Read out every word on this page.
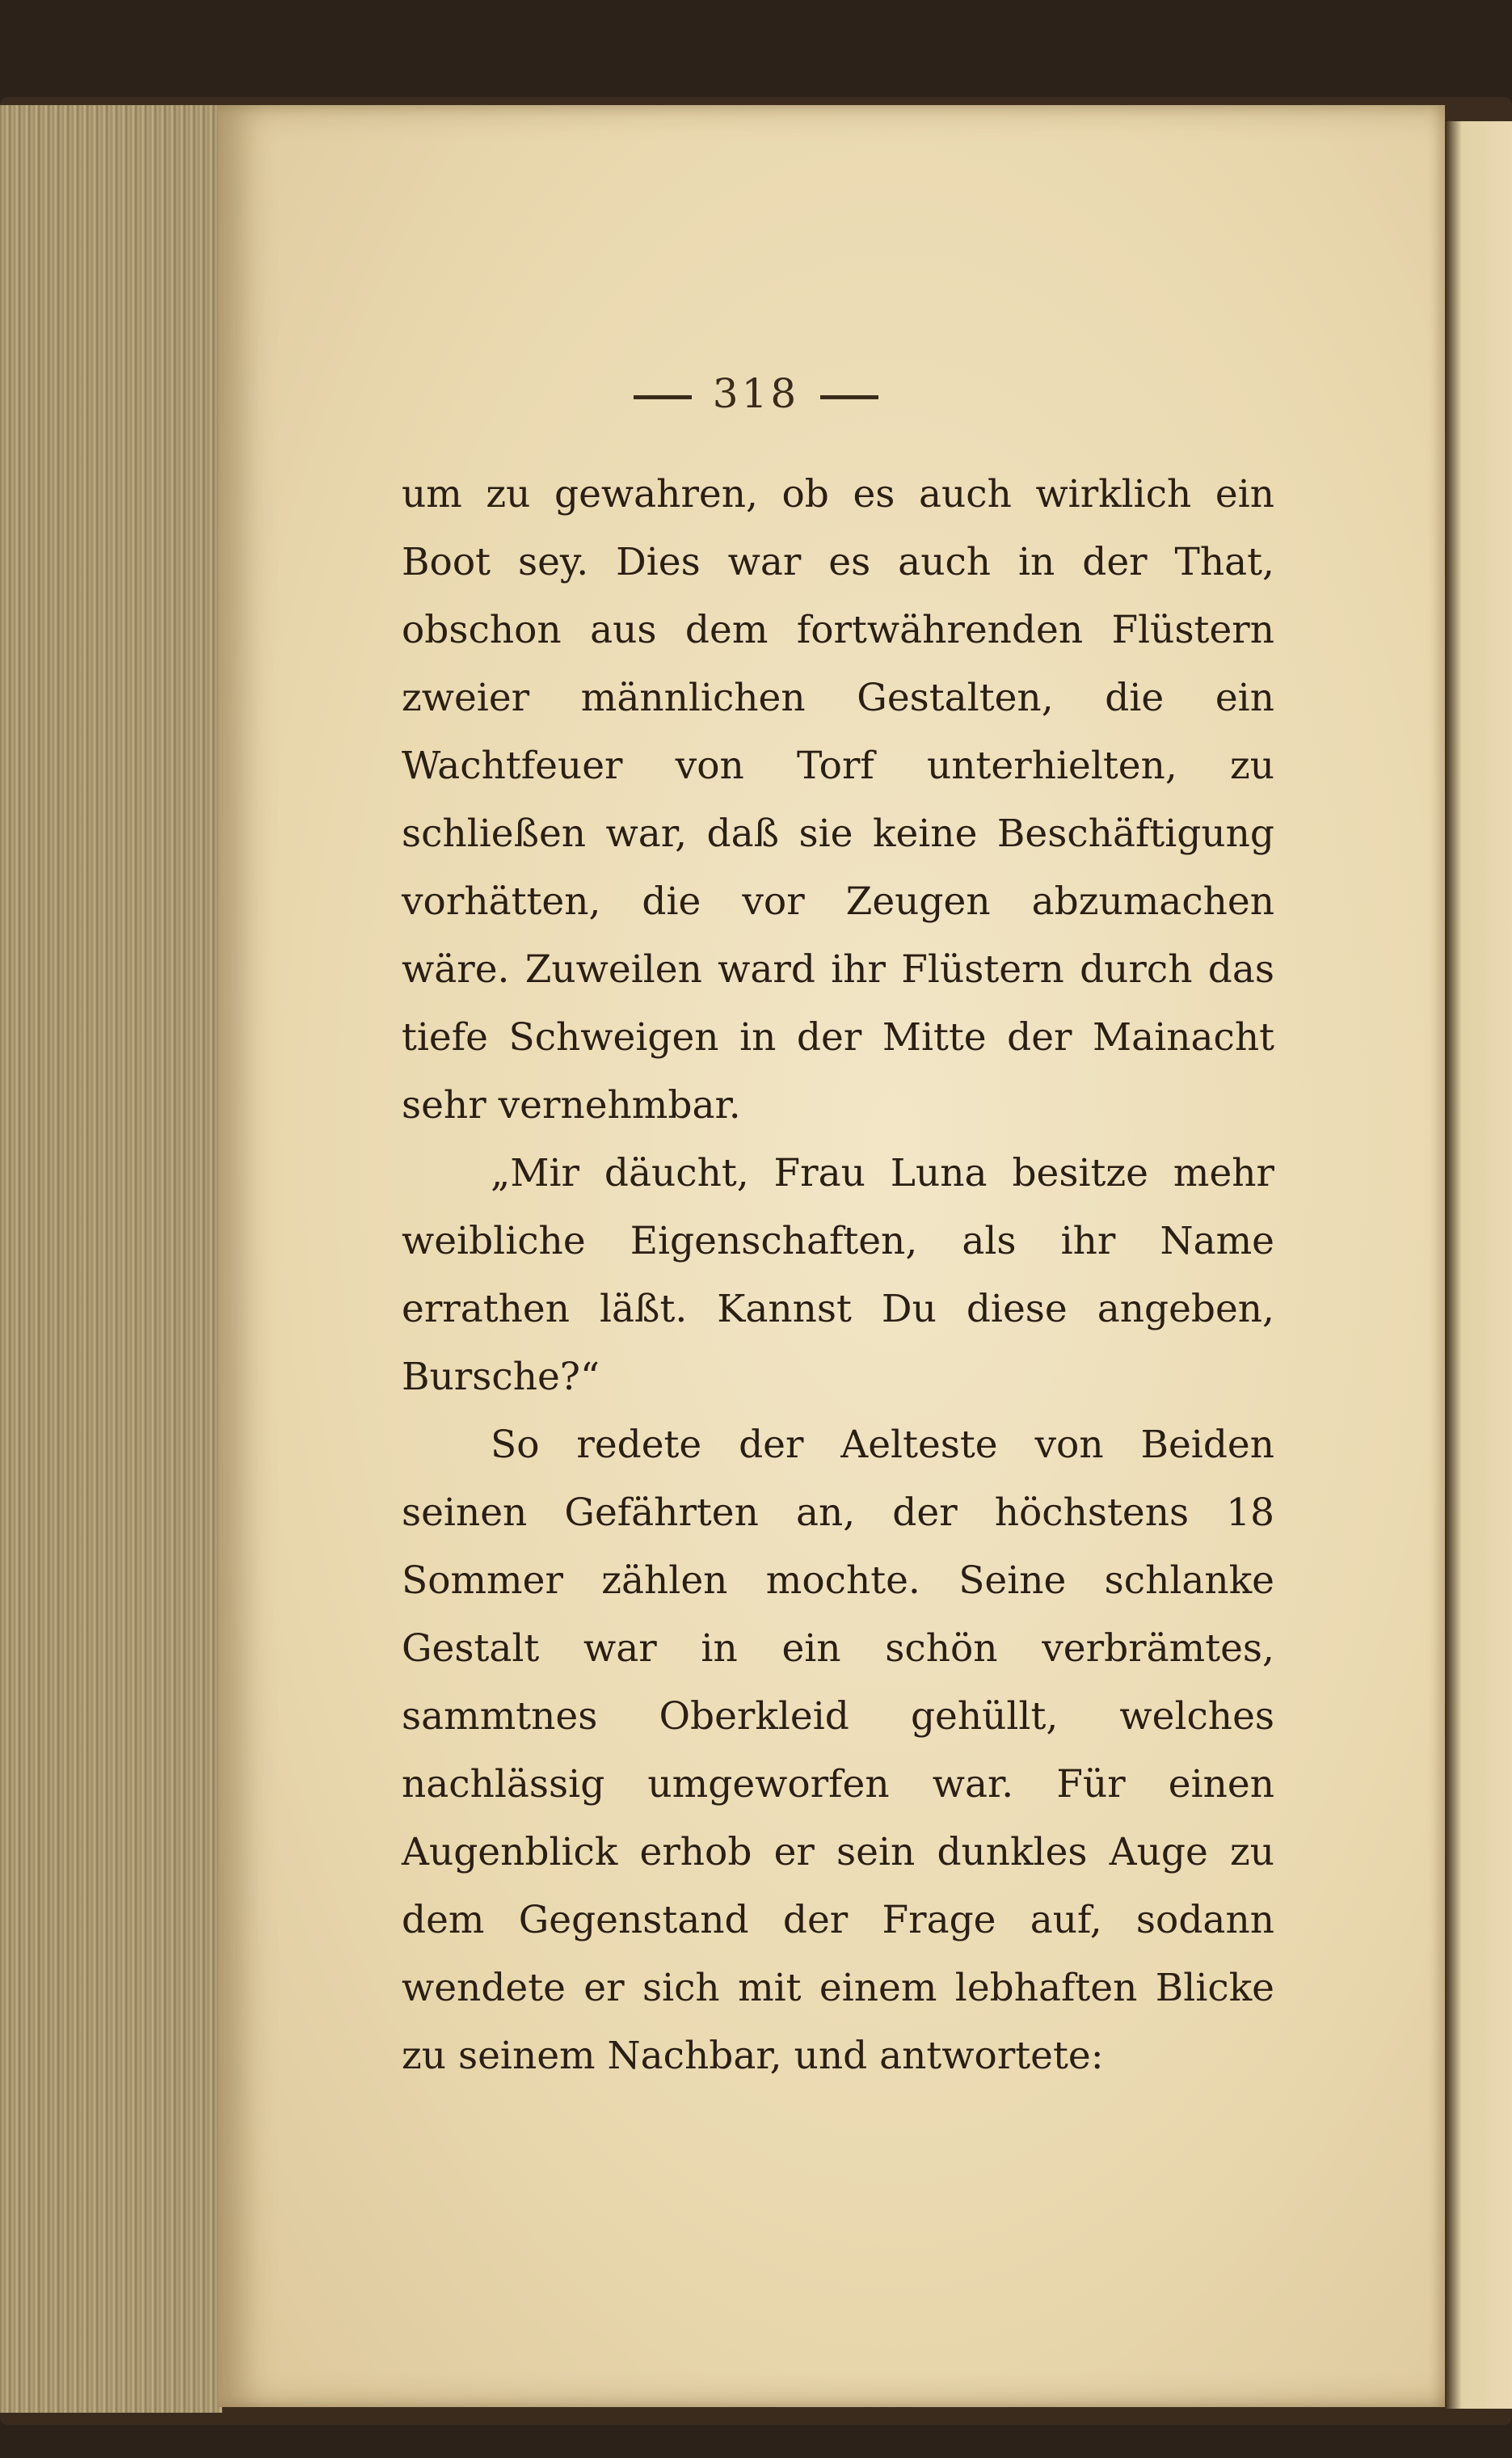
318

um zu gewahren, ob es auch wirklich ein Boot sey. Dies war es auch in der That, obschon aus dem fortwährenden Flüstern zweier männlichen Gestalten, die ein Wachtfeuer von Torf unterhielten, zu schließen war, daß sie keine Beschäftigung vorhätten, die vor Zeugen abzumachen wäre. Zuweilen ward ihr Flüstern durch das tiefe Schweigen in der Mitte der Mainacht sehr vernehmbar.

„Mir däucht, Frau Luna besitze mehr weibliche Eigenschaften, als ihr Name errathen läßt. Kannst Du diese angeben, Bursche?“

So redete der Aelteste von Beiden seinen Gefährten an, der höchstens 18 Sommer zählen mochte. Seine schlanke Gestalt war in ein schön verbrämtes, sammtnes Oberkleid gehüllt, welches nachlässig umgeworfen war. Für einen Augenblick erhob er sein dunkles Auge zu dem Gegenstand der Frage auf, sodann wendete er sich mit einem lebhaften Blicke zu seinem Nachbar, und antwortete:
